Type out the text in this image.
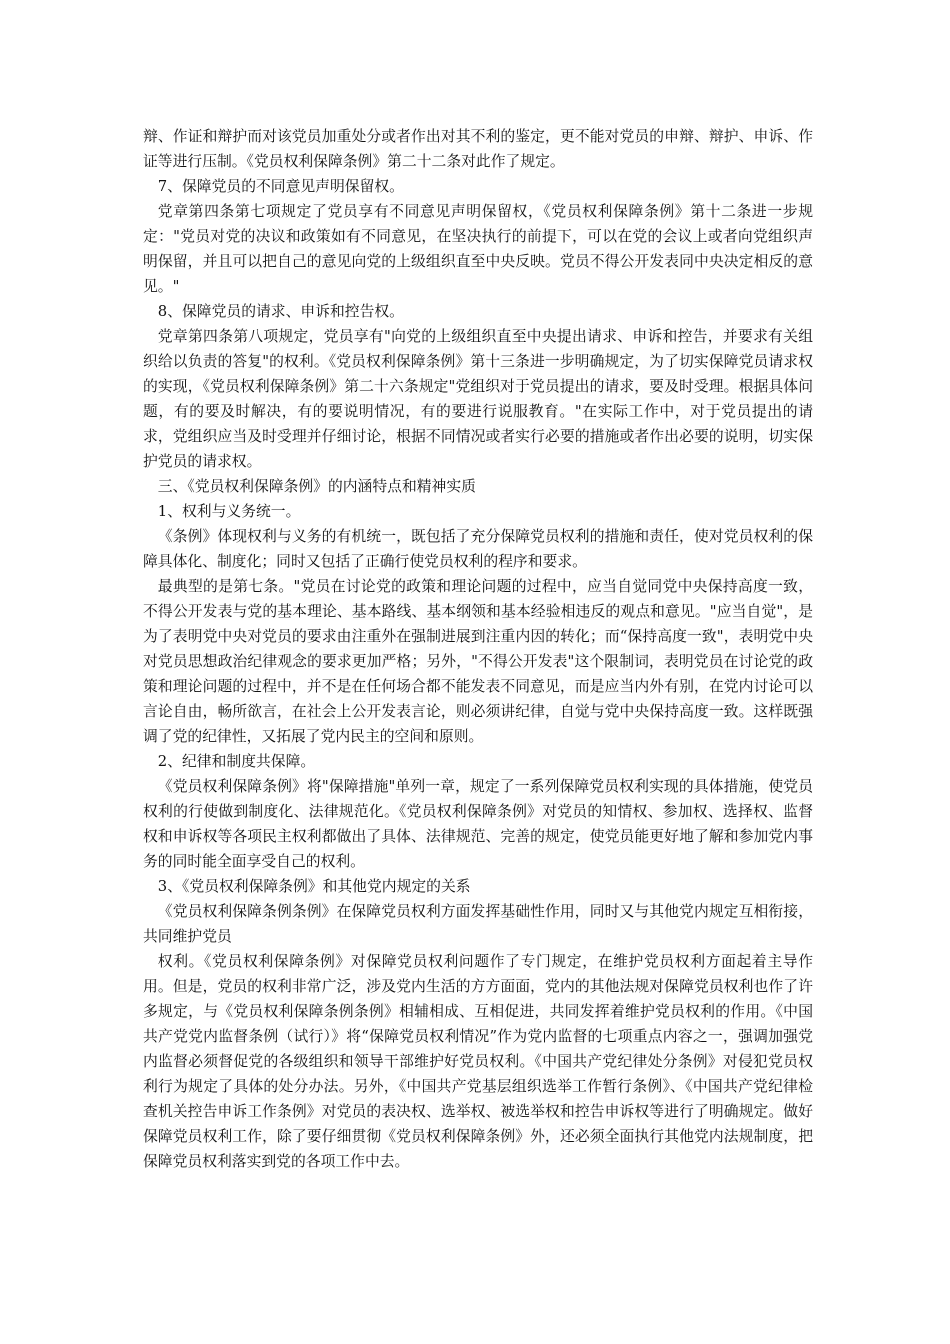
辩、作证和辩护而对该党员加重处分或者作出对其不利的鉴定，更不能对党员的申辩、辩护、申诉、作证等进行压制。《党员权利保障条例》第二十二条对此作了规定。

7、保障党员的不同意见声明保留权。

党章第四条第七项规定了党员享有不同意见声明保留权，《党员权利保障条例》第十二条进一步规定："党员对党的决议和政策如有不同意见，在坚决执行的前提下，可以在党的会议上或者向党组织声明保留，并且可以把自己的意见向党的上级组织直至中央反映。党员不得公开发表同中央决定相反的意见。"

8、保障党员的请求、申诉和控告权。

党章第四条第八项规定，党员享有"向党的上级组织直至中央提出请求、申诉和控告，并要求有关组织给以负责的答复"的权利。《党员权利保障条例》第十三条进一步明确规定，为了切实保障党员请求权的实现，《党员权利保障条例》第二十六条规定"党组织对于党员提出的请求，要及时受理。根据具体问题，有的要及时解决，有的要说明情况，有的要进行说服教育。"在实际工作中，对于党员提出的请求，党组织应当及时受理并仔细讨论，根据不同情况或者实行必要的措施或者作出必要的说明，切实保护党员的请求权。

三、《党员权利保障条例》的内涵特点和精神实质

1、权利与义务统一。

《条例》体现权利与义务的有机统一，既包括了充分保障党员权利的措施和责任，使对党员权利的保障具体化、制度化；同时又包括了正确行使党员权利的程序和要求。

最典型的是第七条。"党员在讨论党的政策和理论问题的过程中，应当自觉同党中央保持高度一致，不得公开发表与党的基本理论、基本路线、基本纲领和基本经验相违反的观点和意见。"应当自觉"，是为了表明党中央对党员的要求由注重外在强制进展到注重内因的转化；而“保持高度一致"，表明党中央对党员思想政治纪律观念的要求更加严格；另外，"不得公开发表"这个限制词，表明党员在讨论党的政策和理论问题的过程中，并不是在任何场合都不能发表不同意见，而是应当内外有别，在党内讨论可以言论自由，畅所欲言，在社会上公开发表言论，则必须讲纪律，自觉与党中央保持高度一致。这样既强调了党的纪律性，又拓展了党内民主的空间和原则。

2、纪律和制度共保障。

《党员权利保障条例》将"保障措施"单列一章，规定了一系列保障党员权利实现的具体措施，使党员权利的行使做到制度化、法律规范化。《党员权利保障条例》对党员的知情权、参加权、选择权、监督权和申诉权等各项民主权利都做出了具体、法律规范、完善的规定，使党员能更好地了解和参加党内事务的同时能全面享受自己的权利。

3、《党员权利保障条例》和其他党内规定的关系

《党员权利保障条例条例》在保障党员权利方面发挥基础性作用，同时又与其他党内规定互相衔接，共同维护党员

权利。《党员权利保障条例》对保障党员权利问题作了专门规定，在维护党员权利方面起着主导作用。但是，党员的权利非常广泛，涉及党内生活的方方面面，党内的其他法规对保障党员权利也作了许多规定，与《党员权利保障条例条例》相辅相成、互相促进，共同发挥着维护党员权利的作用。《中国共产党党内监督条例（试行）》将“保障党员权利情况”作为党内监督的七项重点内容之一，强调加强党内监督必须督促党的各级组织和领导干部维护好党员权利。《中国共产党纪律处分条例》对侵犯党员权利行为规定了具体的处分办法。另外，《中国共产党基层组织选举工作暂行条例》、《中国共产党纪律检查机关控告申诉工作条例》对党员的表决权、选举权、被选举权和控告申诉权等进行了明确规定。做好保障党员权利工作，除了要仔细贯彻《党员权利保障条例》外，还必须全面执行其他党内法规制度，把保障党员权利落实到党的各项工作中去。
